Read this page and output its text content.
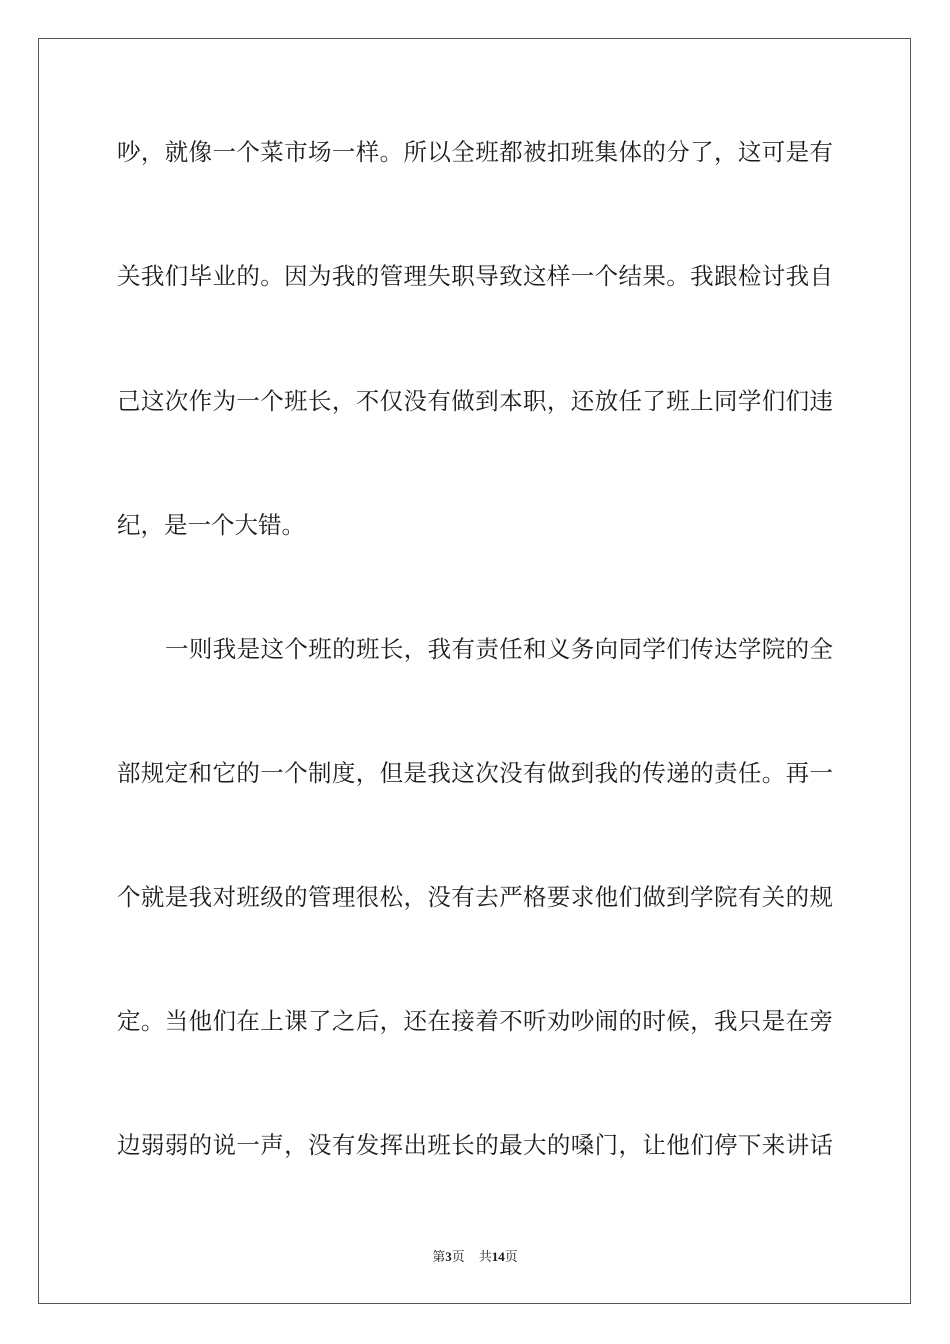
吵，就像一个菜市场一样。所以全班都被扣班集体的分了，这可是有
关我们毕业的。因为我的管理失职导致这样一个结果。我跟检讨我自
己这次作为一个班长，不仅没有做到本职，还放任了班上同学们们违
纪，是一个大错。
一则我是这个班的班长，我有责任和义务向同学们传达学院的全
部规定和它的一个制度，但是我这次没有做到我的传递的责任。再一
个就是我对班级的管理很松，没有去严格要求他们做到学院有关的规
定。当他们在上课了之后，还在接着不听劝吵闹的时候，我只是在旁
边弱弱的说一声，没有发挥出班长的最大的嗓门，让他们停下来讲话
第3页 共14页
